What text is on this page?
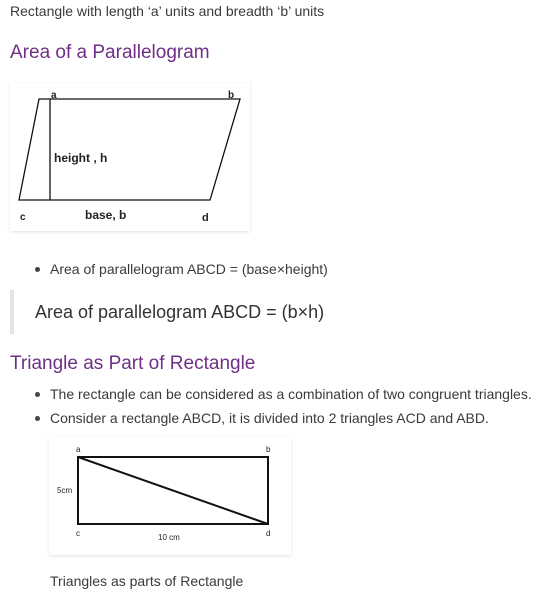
Rectangle with length ‘a’ units and breadth ‘b’ units
Area of a Parallelogram
a	b
c	d
height , h
base, b
Area of parallelogram ABCD = (base×height)
Area of parallelogram ABCD = (b×h)
Triangle as Part of Rectangle
The rectangle can be considered as a combination of two congruent triangles.
Consider a rectangle ABCD, it is divided into 2 triangles ACD and ABD.
a	b
c	d
5cm
10 cm
Triangles as parts of Rectangle
